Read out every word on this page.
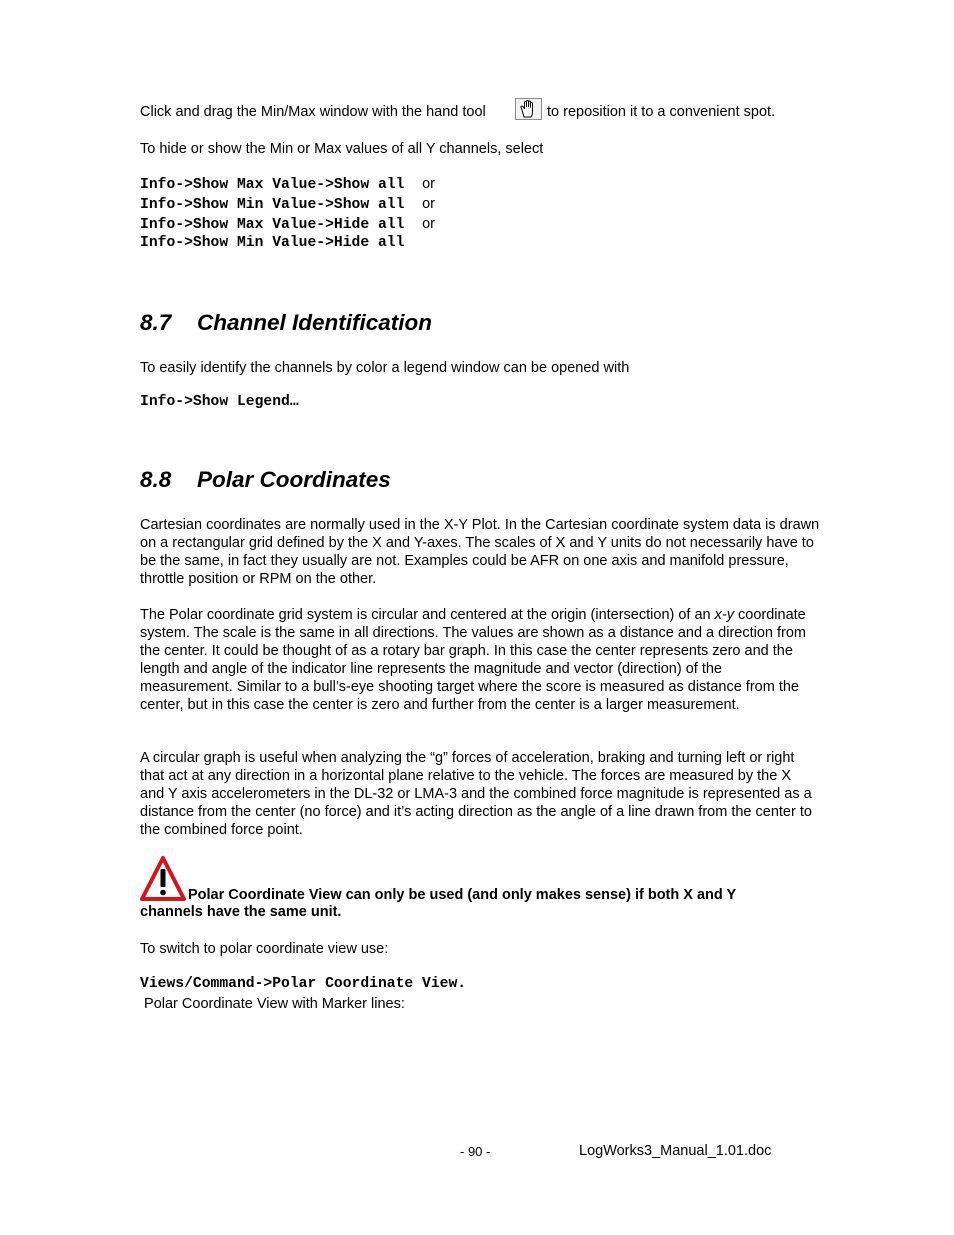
Click and drag the Min/Max window with the hand tool	to reposition it to a convenient spot.

To hide or show the Min or Max values of all Y channels, select

Info->Show Max Value->Show all or
Info->Show Min Value->Show all or
Info->Show Max Value->Hide all or
Info->Show Min Value->Hide all
8.7 Channel Identification

To easily identify the channels by color a legend window can be opened with

Info->Show Legend…
8.8 Polar Coordinates

Cartesian coordinates are normally used in the X-Y Plot. In the Cartesian coordinate system data is drawn on a rectangular grid defined by the X and Y-axes. The scales of X and Y units do not necessarily have to be the same, in fact they usually are not. Examples could be AFR on one axis and manifold pressure, throttle position or RPM on the other.

The Polar coordinate grid system is circular and centered at the origin (intersection) of an x-y coordinate system. The scale is the same in all directions. The values are shown as a distance and a direction from the center. It could be thought of as a rotary bar graph. In this case the center represents zero and the length and angle of the indicator line represents the magnitude and vector (direction) of the measurement. Similar to a bull’s-eye shooting target where the score is measured as distance from the center, but in this case the center is zero and further from the center is a larger measurement.

A circular graph is useful when analyzing the “g” forces of acceleration, braking and turning left or right that act at any direction in a horizontal plane relative to the vehicle. The forces are measured by the X and Y axis accelerometers in the DL-32 or LMA-3 and the combined force magnitude is represented as a distance from the center (no force) and it’s acting direction as the angle of a line drawn from the center to the combined force point.

Polar Coordinate View can only be used (and only makes sense) if both X and Y
channels have the same unit.

To switch to polar coordinate view use:

Views/Command->Polar Coordinate View.
Polar Coordinate View with Marker lines:
- 90 -	LogWorks3_Manual_1.01.doc
